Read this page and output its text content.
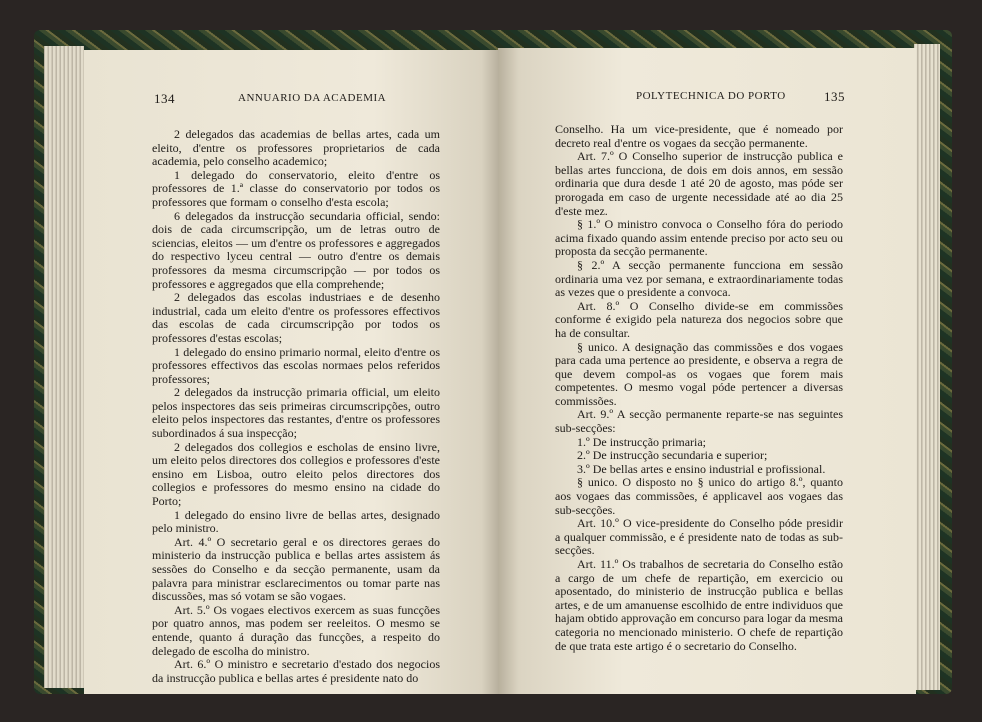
134	ANNUARIO DA ACADEMIA

2 delegados das academias de bellas artes, cada um eleito, d'entre os professores proprietarios de cada academia, pelo conselho academico;

1 delegado do conservatorio, eleito d'entre os professores de 1.ª classe do conservatorio por todos os professores que formam o conselho d'esta escola;

6 delegados da instrucção secundaria official, sendo: dois de cada circumscripção, um de letras outro de sciencias, eleitos — um d'entre os professores e aggregados do respectivo lyceu central — outro d'entre os demais professores da mesma circumscripção — por todos os professores e aggregados que ella comprehende;

2 delegados das escolas industriaes e de desenho industrial, cada um eleito d'entre os professores effectivos das escolas de cada circumscripção por todos os professores d'estas escolas;

1 delegado do ensino primario normal, eleito d'entre os professores effectivos das escolas normaes pelos referidos professores;

2 delegados da instrucção primaria official, um eleito pelos inspectores das seis primeiras circumscripções, outro eleito pelos inspectores das restantes, d'entre os professores subordinados á sua inspecção;

2 delegados dos collegios e escholas de ensino livre, um eleito pelos directores dos collegios e professores d'este ensino em Lisboa, outro eleito pelos directores dos collegios e professores do mesmo ensino na cidade do Porto;

1 delegado do ensino livre de bellas artes, designado pelo ministro.

Art. 4.º O secretario geral e os directores geraes do ministerio da instrucção publica e bellas artes assistem ás sessões do Conselho e da secção permanente, usam da palavra para ministrar esclarecimentos ou tomar parte nas discussões, mas só votam se são vogaes.

Art. 5.º Os vogaes electivos exercem as suas funcções por quatro annos, mas podem ser reeleitos. O mesmo se entende, quanto á duração das funcções, a respeito do delegado de escolha do ministro.

Art. 6.º O ministro e secretario d'estado dos negocios da instrucção publica e bellas artes é presidente nato do

POLYTECHNICA DO PORTO	135

Conselho. Ha um vice-presidente, que é nomeado por decreto real d'entre os vogaes da secção permanente.

Art. 7.º O Conselho superior de instrucção publica e bellas artes funcciona, de dois em dois annos, em sessão ordinaria que dura desde 1 até 20 de agosto, mas póde ser prorogada em caso de urgente necessidade até ao dia 25 d'este mez.

§ 1.º O ministro convoca o Conselho fóra do periodo acima fixado quando assim entende preciso por acto seu ou proposta da secção permanente.

§ 2.º A secção permanente funcciona em sessão ordinaria uma vez por semana, e extraordinariamente todas as vezes que o presidente a convoca.

Art. 8.º O Conselho divide-se em commissões conforme é exigido pela natureza dos negocios sobre que ha de consultar.

§ unico. A designação das commissões e dos vogaes para cada uma pertence ao presidente, e observa a regra de que devem compol-as os vogaes que forem mais competentes. O mesmo vogal póde pertencer a diversas commissões.

Art. 9.º A secção permanente reparte-se nas seguintes sub-secções:

1.º De instrucção primaria;

2.º De instrucção secundaria e superior;

3.º De bellas artes e ensino industrial e profissional.

§ unico. O disposto no § unico do artigo 8.º, quanto aos vogaes das commissões, é applicavel aos vogaes das sub-secções.

Art. 10.º O vice-presidente do Conselho póde presidir a qualquer commissão, e é presidente nato de todas as sub-secções.

Art. 11.º Os trabalhos de secretaria do Conselho estão a cargo de um chefe de repartição, em exercicio ou aposentado, do ministerio de instrucção publica e bellas artes, e de um amanuense escolhido de entre individuos que hajam obtido approvação em concurso para logar da mesma categoria no mencionado ministerio. O chefe de repartição de que trata este artigo é o secretario do Conselho.
